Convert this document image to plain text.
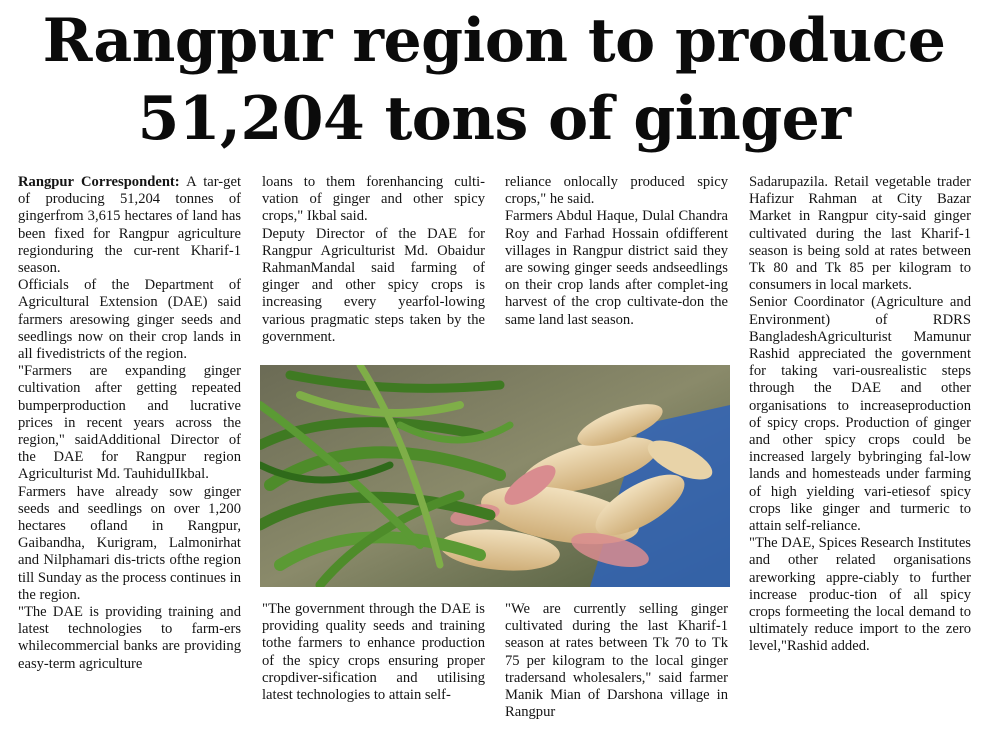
Rangpur region to produce
51,204 tons of ginger

Rangpur Correspondent: A tar-get of producing 51,204 tonnes of gingerfrom 3,615 hectares of land has been fixed for Rangpur agriculture regionduring the cur-rent Kharif-1 season.

Officials of the Department of Agricultural Extension (DAE) said farmers aresowing ginger seeds and seedlings now on their crop lands in all fivedistricts of the region.

"Farmers are expanding ginger cultivation after getting repeated bumperproduction and lucrative prices in recent years across the region," saidAdditional Director of the DAE for Rangpur region Agriculturist Md. TauhidulIkbal.

Farmers have already sow ginger seeds and seedlings on over 1,200 hectares ofland in Rangpur, Gaibandha, Kurigram, Lalmonirhat and Nilphamari dis-tricts ofthe region till Sunday as the process continues in the region.

"The DAE is providing training and latest technologies to farm-ers whilecommercial banks are providing easy-term agriculture

loans to them forenhancing culti-vation of ginger and other spicy crops," Ikbal said.

Deputy Director of the DAE for Rangpur Agriculturist Md. Obaidur RahmanMandal said farming of ginger and other spicy crops is increasing every yearfol-lowing various pragmatic steps taken by the government.

reliance onlocally produced spicy crops," he said.

Farmers Abdul Haque, Dulal Chandra Roy and Farhad Hossain ofdifferent villages in Rangpur district said they are sowing ginger seeds andseedlings on their crop lands after complet-ing harvest of the crop cultivate-don the same land last season.

Sadarupazila. Retail vegetable trader Hafizur Rahman at City Bazar Market in Rangpur city-said ginger cultivated during the last Kharif-1 season is being sold at rates between Tk 80 and Tk 85 per kilogram to consumers in local markets.

Senior Coordinator (Agriculture and Environment) of RDRS BangladeshAgriculturist Mamunur Rashid appreciated the government for taking vari-ousrealistic steps through the DAE and other organisations to increaseproduction of spicy crops. Production of ginger and other spicy crops could be increased largely bybringing fal-low lands and homesteads under farming of high yielding vari-etiesof spicy crops like ginger and turmeric to attain self-reliance.

"The DAE, Spices Research Institutes and other related organisations areworking appre-ciably to further increase produc-tion of all spicy crops formeeting the local demand to ultimately reduce import to the zero level,"Rashid added.

"The government through the DAE is providing quality seeds and training tothe farmers to enhance production of the spicy crops ensuring proper cropdiver-sification and utilising latest technologies to attain self-

"We are currently selling ginger cultivated during the last Kharif-1 season at rates between Tk 70 to Tk 75 per kilogram to the local ginger tradersand wholesalers," said farmer Manik Mian of Darshona village in Rangpur
